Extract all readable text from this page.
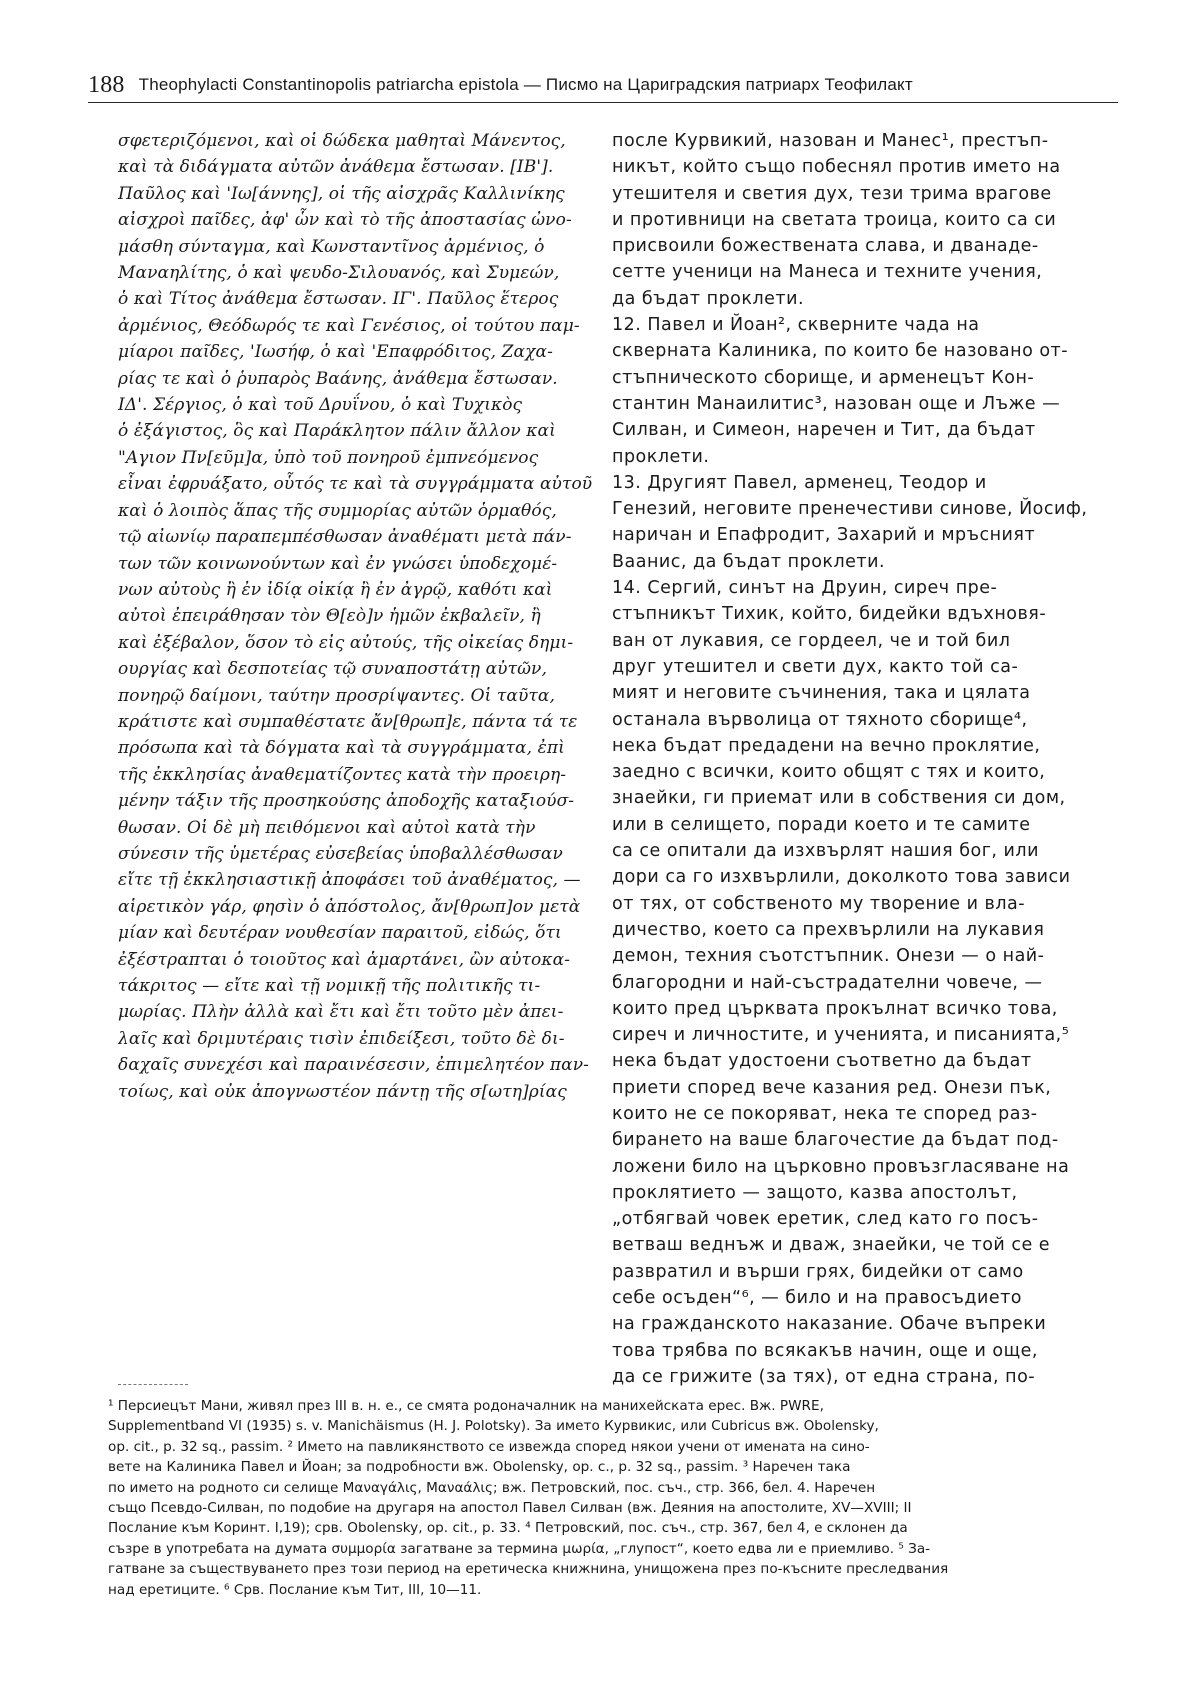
188 Theophylacti Constantinopolis patriarcha epistola — Писмо на Цариградския патриарх Теофилакт
σφετεριζόμενοι, καὶ οἱ δώδεκα μαθηταὶ Μάνεντος,
καὶ τὰ διδάγματα αὐτῶν ἀνάθεμα ἔστωσαν. [ΙΒ'].
Παῦλος καὶ 'Ιω[άννης], οἱ τῆς αἰσχρᾶς Καλλινίκης
αἰσχροὶ παῖδες, ἀφ' ὧν καὶ τὸ τῆς ἀποστασίας ὠνο-
μάσθη σύνταγμα, καὶ Κωνσταντῖνος ἀρμένιος, ὁ
Μαναηλίτης, ὁ καὶ ψευδο-Σιλουανός, καὶ Συμεών,
ὁ καὶ Τίτος ἀνάθεμα ἔστωσαν. ΙΓ'. Παῦλος ἕτερος
ἀρμένιος, Θεόδωρός τε καὶ Γενέσιος, οἱ τούτου παμ-
μίαροι παῖδες, 'Ιωσήφ, ὁ καὶ 'Επαφρόδιτος, Ζαχα-
ρίας τε καὶ ὁ ῥυπαρὸς Βαάνης, ἀνάθεμα ἔστωσαν.
ΙΔ'. Σέργιος, ὁ καὶ τοῦ Δρυΐνου, ὁ καὶ Τυχικὸς
ὁ ἐξάγιστος, ὃς καὶ Παράκλητον πάλιν ἄλλον καὶ
"Αγιον Πν[εῦμ]α, ὑπὸ τοῦ πονηροῦ ἐμπνεόμενος
εἶναι ἐφρυάξατο, οὗτός τε καὶ τὰ συγγράμματα αὐτοῦ
καὶ ὁ λοιπὸς ἅπας τῆς συμμορίας αὐτῶν ὁρμαθός,
τῷ αἰωνίῳ παραπεμπέσθωσαν ἀναθέματι μετὰ πάν-
των τῶν κοινωνούντων καὶ ἐν γνώσει ὑποδεχομέ-
νων αὐτοὺς ἢ ἐν ἰδίᾳ οἰκίᾳ ἢ ἐν ἀγρῷ, καθότι καὶ
αὐτοὶ ἐπειράθησαν τὸν Θ[εὸ]ν ἡμῶν ἐκβαλεῖν, ἢ
καὶ ἐξέβαλον, ὅσον τὸ εἰς αὐτούς, τῆς οἰκείας δημι-
ουργίας καὶ δεσποτείας τῷ συναποστάτῃ αὐτῶν,
πονηρῷ δαίμονι, ταύτην προσρίψαντες. Οἱ ταῦτα,
κράτιστε καὶ συμπαθέστατε ἄν[θρωπ]ε, πάντα τά τε
πρόσωπα καὶ τὰ δόγματα καὶ τὰ συγγράμματα, ἐπὶ
τῆς ἐκκλησίας ἀναθεματίζοντες κατὰ τὴν προειρη-
μένην τάξιν τῆς προσηκούσης ἀποδοχῆς καταξιούσ-
θωσαν. Οἱ δὲ μὴ πειθόμενοι καὶ αὐτοὶ κατὰ τὴν
σύνεσιν τῆς ὑμετέρας εὐσεβείας ὑποβαλλέσθωσαν
εἴτε τῇ ἐκκλησιαστικῇ ἀποφάσει τοῦ ἀναθέματος, —
αἱρετικὸν γάρ, φησὶν ὁ ἀπόστολος, ἄν[θρωπ]ον μετὰ
μίαν καὶ δευτέραν νουθεσίαν παραιτοῦ, εἰδώς, ὅτι
ἐξέστραπται ὁ τοιοῦτος καὶ ἁμαρτάνει, ὢν αὐτοκα-
τάκριτος — εἴτε καὶ τῇ νομικῇ τῆς πολιτικῆς τι-
μωρίας. Πλὴν ἀλλὰ καὶ ἔτι καὶ ἔτι τοῦτο μὲν ἀπει-
λαῖς καὶ δριμυτέραις τισὶν ἐπιδείξεσι, τοῦτο δὲ δι-
δαχαῖς συνεχέσι καὶ παραινέσεσιν, ἐπιμελητέον παν-
τοίως, καὶ οὐκ ἀπογνωστέον πάντῃ τῆς σ[ωτη]ρίας
после Курвикий, назован и Манес¹, престъп-
никът, който също побеснял против името на
утешителя и светия дух, тези трима врагове
и противници на светата троица, които са си
присвоили божествената слава, и дванаде-
сетте ученици на Манеса и техните учения,
да бъдат проклети.
12. Павел и Йоан², скверните чада на
скверната Калиника, по които бе назовано от-
стъпническото сборище, и арменецът Кон-
стантин Манаилитис³, назован още и Лъже —
Силван, и Симеон, наречен и Тит, да бъдат
проклети.
13. Другият Павел, арменец, Теодор и
Генезий, неговите пренечестиви синове, Йосиф,
наричан и Епафродит, Захарий и мръсният
Ваанис, да бъдат проклети.
14. Сергий, синът на Друин, сиреч пре-
стъпникът Тихик, който, бидейки вдъхновя-
ван от лукавия, се гордеел, че и той бил
друг утешител и свети дух, както той са-
мият и неговите съчинения, така и цялата
останала върволица от тяхното сборище⁴,
нека бъдат предадени на вечно проклятие,
заедно с всички, които общят с тях и които,
знаейки, ги приемат или в собствения си дом,
или в селището, поради което и те самите
са се опитали да изхвърлят нашия бог, или
дори са го изхвърлили, доколкото това зависи
от тях, от собственото му творение и вла-
дичество, което са прехвърлили на лукавия
демон, техния съотстъпник. Онези — о най-
благородни и най-състрадателни човече, —
които пред църквата прокълнат всичко това,
сиреч и личностите, и ученията, и писанията,⁵
нека бъдат удостоени съответно да бъдат
приети според вече казания ред. Онези пък,
които не се покоряват, нека те според раз-
бирането на ваше благочестие да бъдат под-
ложени било на църковно провъзгласяване на
проклятието — защото, казва апостолът,
„отбягвай човек еретик, след като го посъ-
ветваш веднъж и дваж, знаейки, че той се е
развратил и върши грях, бидейки от само
себе осъден“⁶, — било и на правосъдието
на гражданското наказание. Обаче въпреки
това трябва по всякакъв начин, още и още,
да се грижите (за тях), от една страна, по-
¹ Персиецът Мани, живял през III в. н. е., се смята родоначалник на манихейската ерес. Вж. PWRE,
Supplementband VI (1935) s. v. Manichäismus (H. J. Polotsky). За името Курвикис, или Cubricus вж. Obolensky,
op. cit., p. 32 sq., passim. ² Името на павликянството се извежда според някои учени от имената на сино-
вете на Калиника Павел и Йоан; за подробности вж. Obolensky, op. c., p. 32 sq., passim. ³ Наречен така
по името на родното си селище Μαναγάλις, Μαναάλις; вж. Петровский, пос. съч., стр. 366, бел. 4. Наречен
също Псевдо-Силван, по подобие на другаря на апостол Павел Силван (вж. Деяния на апостолите, XV—XVIII; II
Послание към Коринт. I,19); срв. Obolensky, op. cit., p. 33. ⁴ Петровский, пос. съч., стр. 367, бел 4, е склонен да
съзре в употребата на думата συμμορία загатване за термина μωρία, „глупост“, което едва ли е приемливо. ⁵ За-
гатване за съществуването през този период на еретическа книжнина, унищожена през по-късните преследвания
над еретиците. ⁶ Срв. Послание към Тит, III, 10—11.
